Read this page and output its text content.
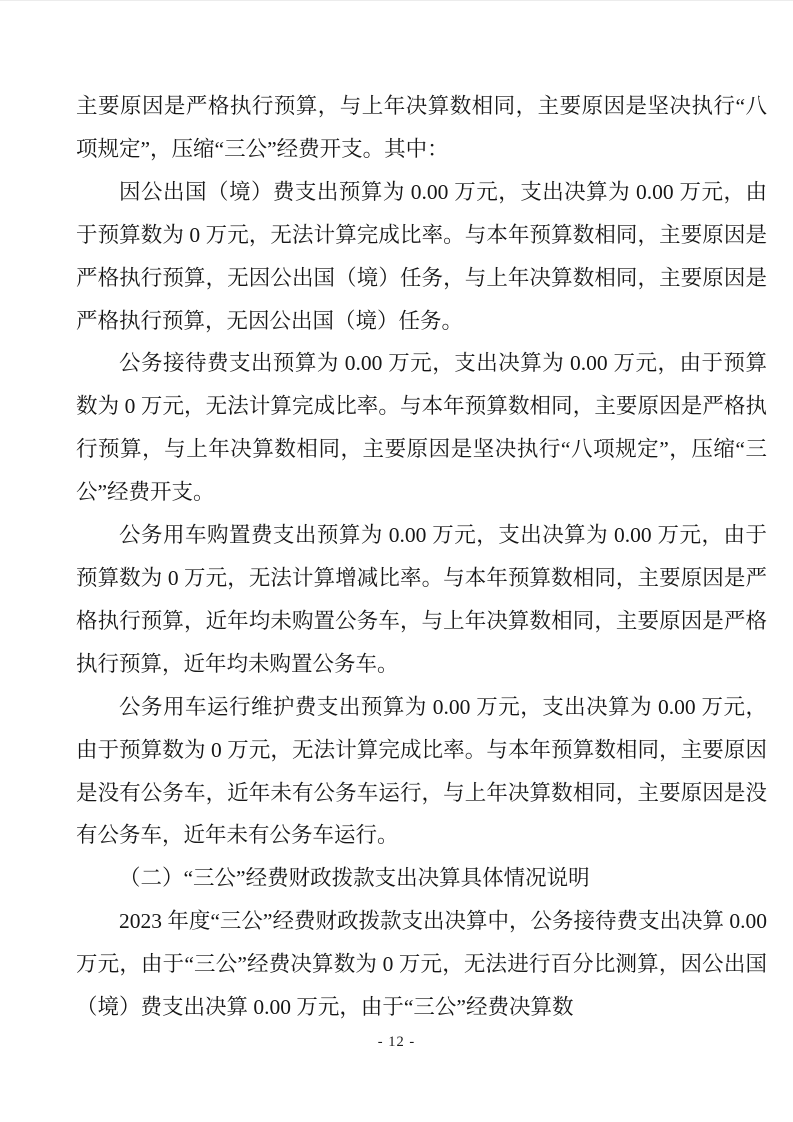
主要原因是严格执行预算，与上年决算数相同，主要原因是坚决执行“八项规定”，压缩“三公”经费开支。其中：

因公出国（境）费支出预算为 0.00 万元，支出决算为 0.00 万元，由于预算数为 0 万元，无法计算完成比率。与本年预算数相同，主要原因是严格执行预算，无因公出国（境）任务，与上年决算数相同，主要原因是严格执行预算，无因公出国（境）任务。

公务接待费支出预算为 0.00 万元，支出决算为 0.00 万元，由于预算数为 0 万元，无法计算完成比率。与本年预算数相同，主要原因是严格执行预算，与上年决算数相同，主要原因是坚决执行“八项规定”，压缩“三公”经费开支。

公务用车购置费支出预算为 0.00 万元，支出决算为 0.00 万元，由于预算数为 0 万元，无法计算增减比率。与本年预算数相同，主要原因是严格执行预算，近年均未购置公务车，与上年决算数相同，主要原因是严格执行预算，近年均未购置公务车。

公务用车运行维护费支出预算为 0.00 万元，支出决算为 0.00 万元，由于预算数为 0 万元，无法计算完成比率。与本年预算数相同，主要原因是没有公务车，近年未有公务车运行，与上年决算数相同，主要原因是没有公务车，近年未有公务车运行。

（二）“三公”经费财政拨款支出决算具体情况说明

2023 年度“三公”经费财政拨款支出决算中，公务接待费支出决算 0.00 万元，由于“三公”经费决算数为 0 万元，无法进行百分比测算，因公出国（境）费支出决算 0.00 万元，由于“三公”经费决算数

- 12 -
